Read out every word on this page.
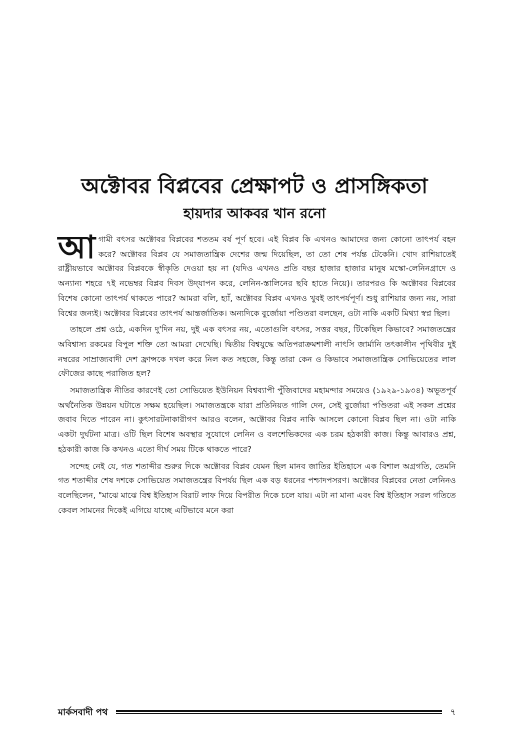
অক্টোবর বিপ্লবের প্রেক্ষাপট ও প্রাসঙ্গিকতা
হায়দার আকবর খান রনো

আগামী বৎসর অক্টোবর বিপ্লবের শততম বর্ষ পূর্ণ হবে। এই বিপ্লব কি এখনও আমাদের জন্য কোনো তাৎপর্য বহন করে? অক্টোবর বিপ্লব যে সমাজতান্ত্রিক দেশের জন্ম দিয়েছিল, তা তো শেষ পর্যন্ত টেকেনি। খোদ রাশিয়াতেই রাষ্ট্রীয়ভাবে অক্টোবর বিপ্লবকে স্বীকৃতি দেওয়া হয় না (যদিও এখনও প্রতি বছর হাজার হাজার মানুষ মস্কো-লেনিনগ্রাদে ও অন্যান্য শহরে ৭ই নভেম্বর বিপ্লব দিবস উদ্‌যাপন করে, লেনিন-স্তালিনের ছবি হাতে নিয়ে)। তারপরও কি অক্টোবর বিপ্লবের বিশেষ কোনো তাৎপর্য থাকতে পারে? আমরা বলি, হ্যাঁ, অক্টোবর বিপ্লব এখনও খুবই তাৎপর্যপূর্ণ। শুধু রাশিয়ার জন্য নয়, সারা বিশ্বের জন্যই। অক্টোবর বিপ্লবের তাৎপর্য আন্তর্জাতিক। অন্যদিকে বুর্জোয়া পণ্ডিতরা বলছেন, ওটা নাকি একটি মিথ্যা স্বপ্ন ছিল।

তাহলে প্রশ্ন ওঠে, একদিন দু'দিন নয়, দুই এক বৎসর নয়, এতোগুলি বৎসর, সত্তর বছর, টিকেছিল কিভাবে? সমাজতন্ত্রের অবিশ্বাস্য রকমের বিপুল শক্তি তো আমরা দেখেছি। দ্বিতীয় বিশ্বযুদ্ধে অতিপরাক্রমশালী নাৎসি জার্মানি তৎকালীন পৃথিবীর দুই নম্বরের সাম্রাজ্যবাদী দেশ ফ্রান্সকে দখল করে নিল কত সহজে, কিন্তু তারা কেন ও কিভাবে সমাজতান্ত্রিক সোভিয়েতের লাল ফৌজের কাছে পরাজিত হল?

সমাজতান্ত্রিক নীতির কারণেই তো সোভিয়েত ইউনিয়ন বিশ্বব্যাপী পুঁজিবাদের মহামন্দার সময়েও (১৯২৯-১৯৩৪) অভূতপূর্ব অর্থনৈতিক উন্নয়ন ঘটাতে সক্ষম হয়েছিল। সমাজতন্ত্রকে যারা প্রতিনিয়ত গালি দেন, সেই বুর্জোয়া পণ্ডিতরা এই সকল প্রশ্নের জবাব দিতে পারেন না। কুৎসারটনাকারীগণ আরও বলেন, অক্টোবর বিপ্লব নাকি আসলে কোনো বিপ্লব ছিল না। ওটা নাকি একটা দুর্ঘটনা মাত্র। ওটি ছিল বিশেষ অবস্থার সুযোগে লেনিন ও বলশেভিকদের এক চরম হঠকারী কাজ। কিন্তু আবারও প্রশ্ন, হঠকারী কাজ কি কখনও এতো দীর্ঘ সময় টিকে থাকতে পারে?

সন্দেহ নেই যে, গত শতাব্দীর শুরুর দিকে অক্টোবর বিপ্লব যেমন ছিল মানব জাতির ইতিহাসে এক বিশাল অগ্রগতি, তেমনি গত শতাব্দীর শেষ দশকে সোভিয়েত সমাজতন্ত্রের বিপর্যয় ছিল এক বড় ধরনের পশ্চাদপসরণ। অক্টোবর বিপ্লবের নেতা লেনিনও বলেছিলেন, "মাঝে মাঝে বিশ্ব ইতিহাস বিরাট লাফ দিয়ে বিপরীত দিকে চলে যায়। এটা না মানা এবং বিশ্ব ইতিহাস সরল গতিতে কেবল সামনের দিকেই এগিয়ে যাচ্ছে এটিভাবে মনে করা

মার্কসবাদী পথ	৭
